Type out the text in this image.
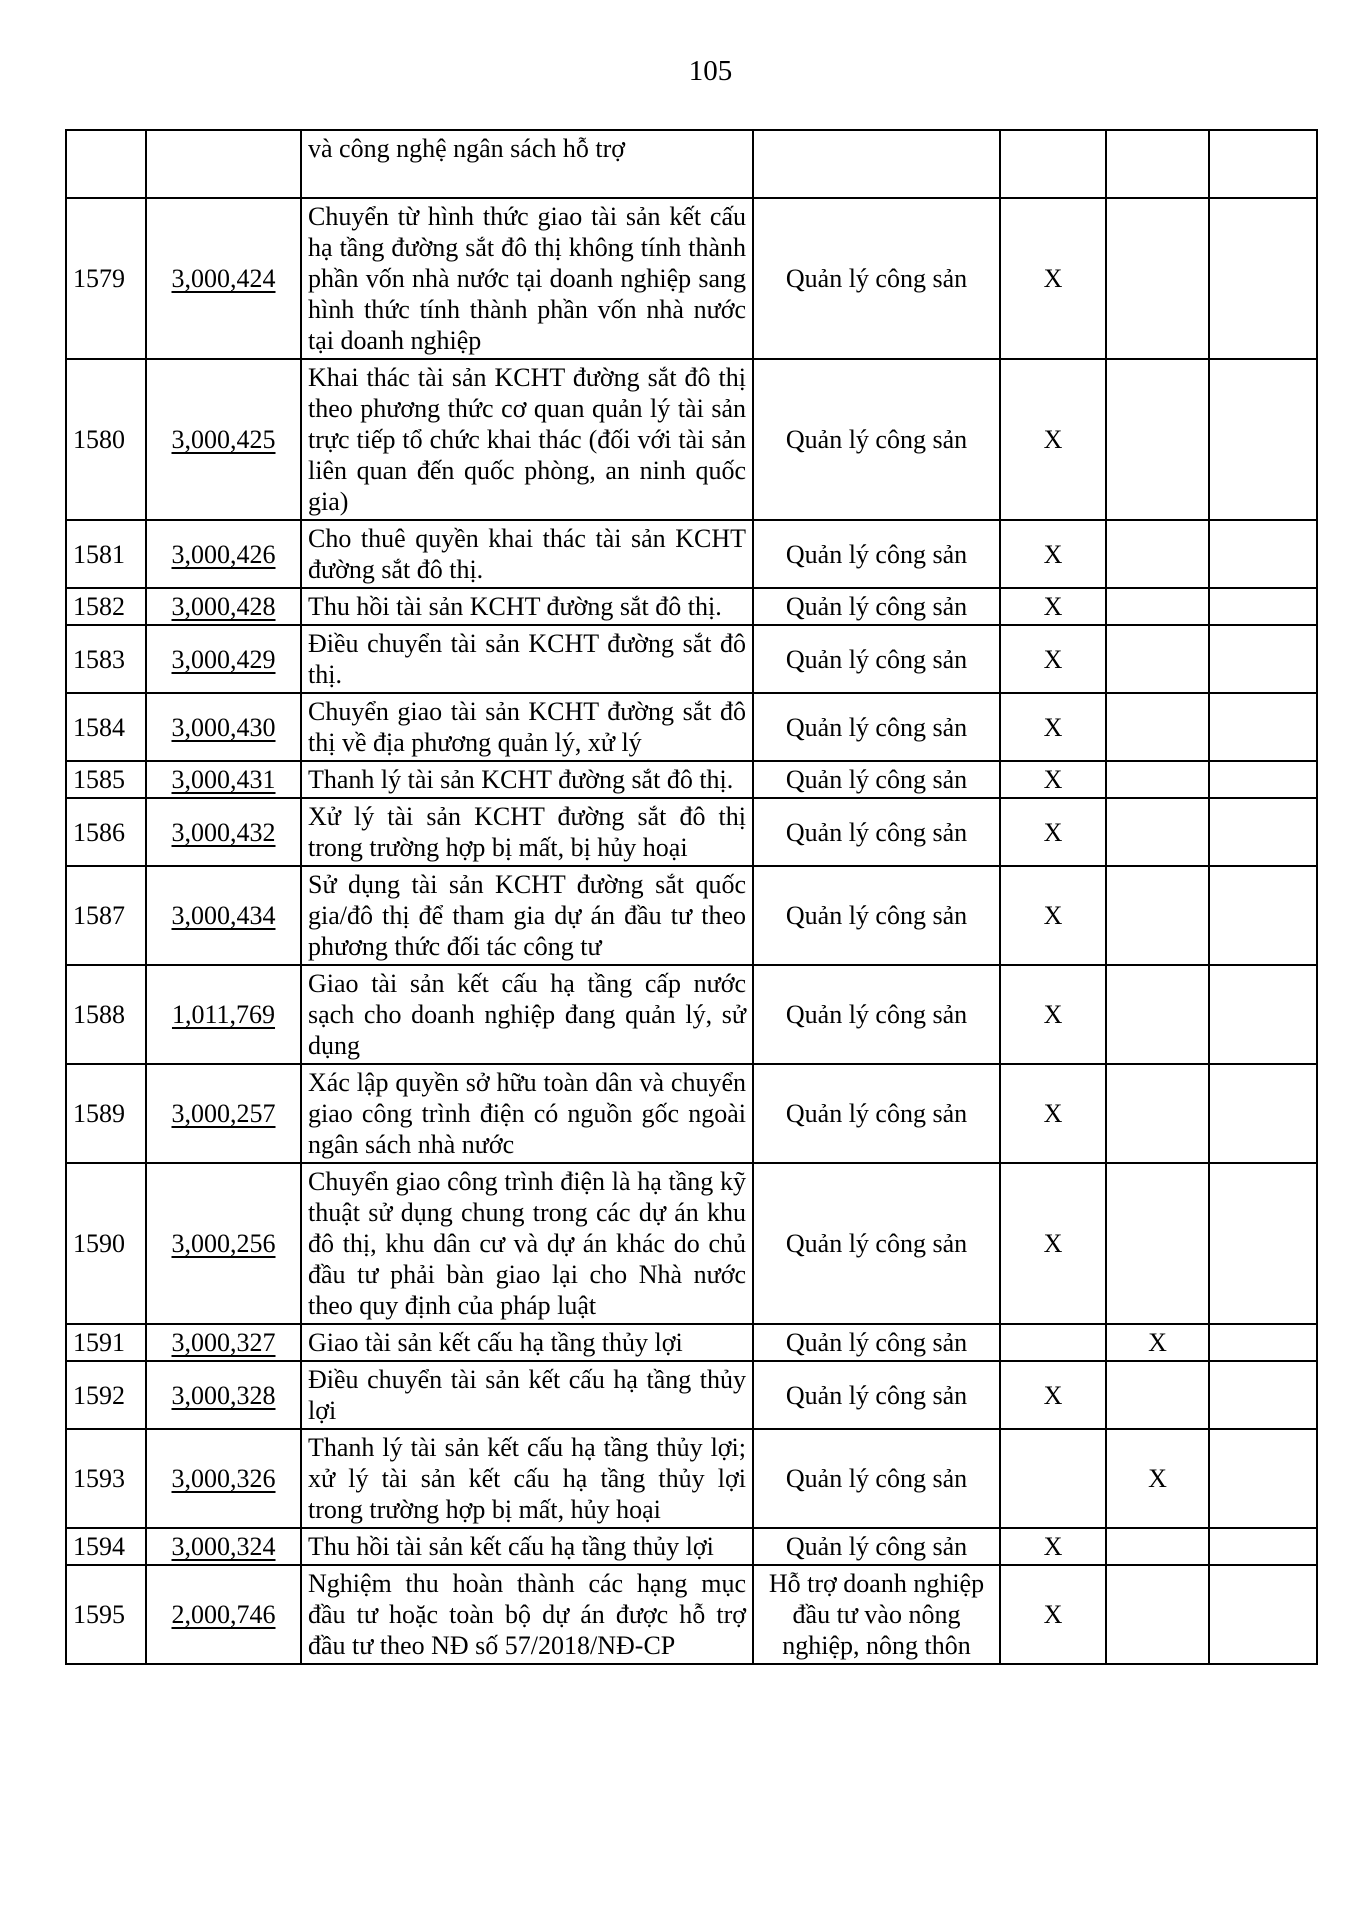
105
		và công nghệ ngân sách hỗ trợ				
1579	3,000,424	Chuyển từ hình thức giao tài sản kết cấu hạ tầng đường sắt đô thị không tính thành phần vốn nhà nước tại doanh nghiệp sang hình thức tính thành phần vốn nhà nước tại doanh nghiệp	Quản lý công sản	X		
1580	3,000,425	Khai thác tài sản KCHT đường sắt đô thị theo phương thức cơ quan quản lý tài sản trực tiếp tổ chức khai thác (đối với tài sản liên quan đến quốc phòng, an ninh quốc gia)	Quản lý công sản	X		
1581	3,000,426	Cho thuê quyền khai thác tài sản KCHT đường sắt đô thị.	Quản lý công sản	X		
1582	3,000,428	Thu hồi tài sản KCHT đường sắt đô thị.	Quản lý công sản	X		
1583	3,000,429	Điều chuyển tài sản KCHT đường sắt đô thị.	Quản lý công sản	X		
1584	3,000,430	Chuyển giao tài sản KCHT đường sắt đô thị về địa phương quản lý, xử lý	Quản lý công sản	X		
1585	3,000,431	Thanh lý tài sản KCHT đường sắt đô thị.	Quản lý công sản	X		
1586	3,000,432	Xử lý tài sản KCHT đường sắt đô thị trong trường hợp bị mất, bị hủy hoại	Quản lý công sản	X		
1587	3,000,434	Sử dụng tài sản KCHT đường sắt quốc gia/đô thị để tham gia dự án đầu tư theo phương thức đối tác công tư	Quản lý công sản	X		
1588	1,011,769	Giao tài sản kết cấu hạ tầng cấp nước sạch cho doanh nghiệp đang quản lý, sử dụng	Quản lý công sản	X		
1589	3,000,257	Xác lập quyền sở hữu toàn dân và chuyển giao công trình điện có nguồn gốc ngoài ngân sách nhà nước	Quản lý công sản	X		
1590	3,000,256	Chuyển giao công trình điện là hạ tầng kỹ thuật sử dụng chung trong các dự án khu đô thị, khu dân cư và dự án khác do chủ đầu tư phải bàn giao lại cho Nhà nước theo quy định của pháp luật	Quản lý công sản	X		
1591	3,000,327	Giao tài sản kết cấu hạ tầng thủy lợi	Quản lý công sản		X	
1592	3,000,328	Điều chuyển tài sản kết cấu hạ tầng thủy lợi	Quản lý công sản	X		
1593	3,000,326	Thanh lý tài sản kết cấu hạ tầng thủy lợi; xử lý tài sản kết cấu hạ tầng thủy lợi trong trường hợp bị mất, hủy hoại	Quản lý công sản		X	
1594	3,000,324	Thu hồi tài sản kết cấu hạ tầng thủy lợi	Quản lý công sản	X		
1595	2,000,746	Nghiệm thu hoàn thành các hạng mục đầu tư hoặc toàn bộ dự án được hỗ trợ đầu tư theo NĐ số 57/2018/NĐ-CP	Hỗ trợ doanh nghiệp đầu tư vào nông nghiệp, nông thôn	X		
